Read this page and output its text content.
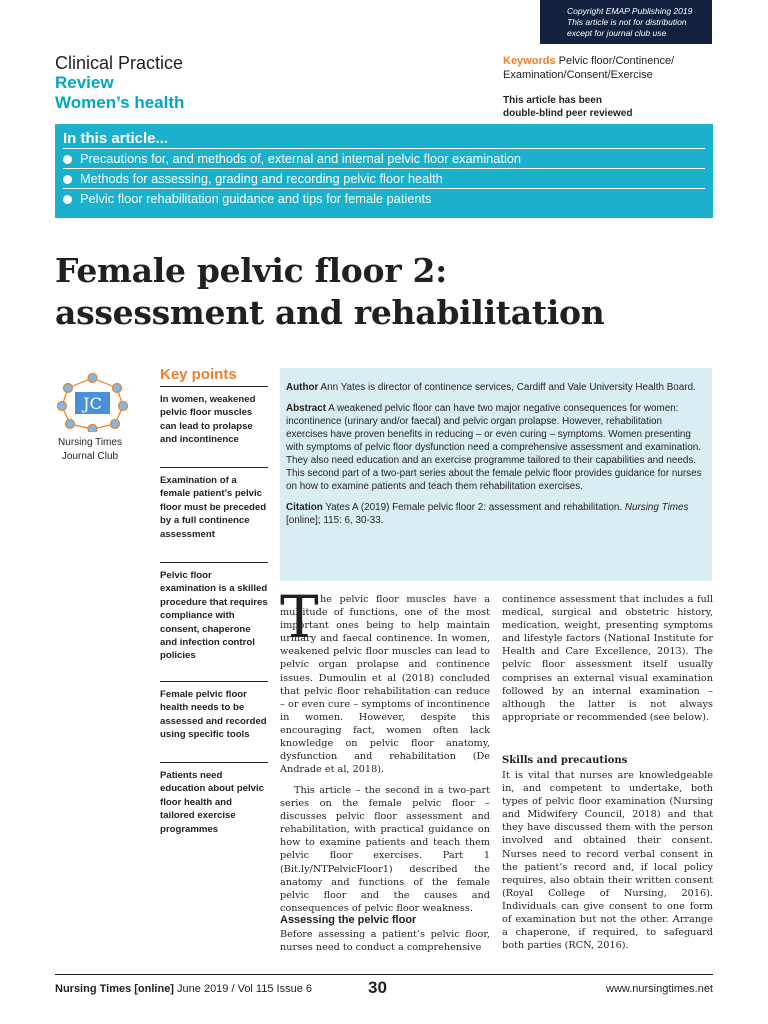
Copyright EMAP Publishing 2019
This article is not for distribution
except for journal club use
Clinical Practice
Review
Women’s health
Keywords Pelvic floor/Continence/ Examination/Consent/Exercise
This article has been
double-blind peer reviewed
In this article...
Precautions for, and methods of, external and internal pelvic floor examination
Methods for assessing, grading and recording pelvic floor health
Pelvic floor rehabilitation guidance and tips for female patients
Female pelvic floor 2:
assessment and rehabilitation
JC
Nursing Times
Journal Club
Key points
In women, weakened pelvic floor muscles can lead to prolapse and incontinence
Examination of a female patient’s pelvic floor must be preceded by a full continence assessment
Pelvic floor examination is a skilled procedure that requires compliance with consent, chaperone and infection control policies
Female pelvic floor health needs to be assessed and recorded using specific tools
Patients need education about pelvic floor health and tailored exercise programmes

Author Ann Yates is director of continence services, Cardiff and Vale University Health Board.

Abstract A weakened pelvic floor can have two major negative consequences for women: incontinence (urinary and/or faecal) and pelvic organ prolapse. However, rehabilitation exercises have proven benefits in reducing – or even curing – symptoms. Women presenting with symptoms of pelvic floor dysfunction need a comprehensive assessment and examination. They also need education and an exercise programme tailored to their capabilities and needs. This second part of a two-part series about the female pelvic floor provides guidance for nurses on how to examine patients and teach them rehabilitation exercises.

Citation Yates A (2019) Female pelvic floor 2: assessment and rehabilitation. Nursing Times [online]; 115: 6, 30-33.

T he pelvic floor muscles have a multitude of functions, one of the most important ones being to help maintain urinary and faecal continence. In women, weakened pelvic floor muscles can lead to pelvic organ prolapse and continence issues. Dumoulin et al (2018) concluded that pelvic floor rehabilitation can reduce – or even cure – symptoms of incontinence in women. However, despite this encouraging fact, women often lack knowledge on pelvic floor anatomy, dysfunction and rehabilitation (De Andrade et al, 2018).
This article – the second in a two-part series on the female pelvic floor – discusses pelvic floor assessment and rehabilitation, with practical guidance on how to examine patients and teach them pelvic floor exercises. Part 1 (Bit.ly/NTPelvicFloor1) described the anatomy and functions of the female pelvic floor and the causes and consequences of pelvic floor weakness.
Assessing the pelvic floor
Before assessing a patient’s pelvic floor, nurses need to conduct a comprehensive
continence assessment that includes a full medical, surgical and obstetric history, medication, weight, presenting symptoms and lifestyle factors (National Institute for Health and Care Excellence, 2013). The pelvic floor assessment itself usually comprises an external visual examination followed by an internal examination – although the latter is not always appropriate or recommended (see below).
Skills and precautions
It is vital that nurses are knowledgeable in, and competent to undertake, both types of pelvic floor examination (Nursing and Midwifery Council, 2018) and that they have discussed them with the person involved and obtained their consent. Nurses need to record verbal consent in the patient’s record and, if local policy requires, also obtain their written consent (Royal College of Nursing, 2016). Individuals can give consent to one form of examination but not the other. Arrange a chaperone, if required, to safeguard both parties (RCN, 2016).
Nursing Times [online] June 2019 / Vol 115 Issue 6	30	www.nursingtimes.net
